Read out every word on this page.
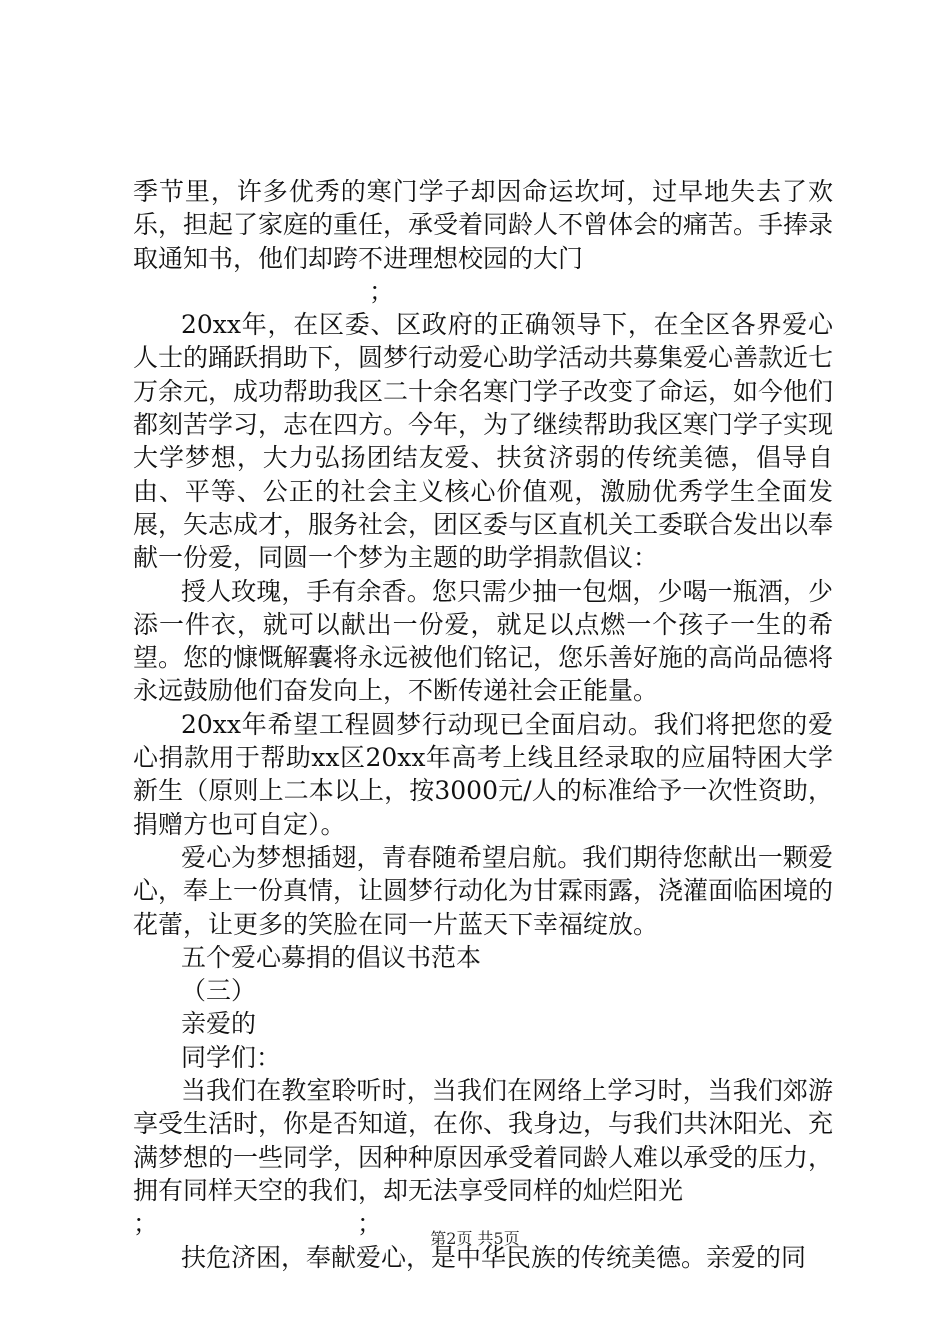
季节里，许多优秀的寒门学子却因命运坎坷，过早地失去了欢乐，担起了家庭的重任，承受着同龄人不曾体会的痛苦。手捧录取通知书，他们却跨不进理想校园的大门

；

20xx年，在区委、区政府的正确领导下，在全区各界爱心人士的踊跃捐助下，圆梦行动爱心助学活动共募集爱心善款近七万余元，成功帮助我区二十余名寒门学子改变了命运，如今他们都刻苦学习，志在四方。今年，为了继续帮助我区寒门学子实现大学梦想，大力弘扬团结友爱、扶贫济弱的传统美德，倡导自由、平等、公正的社会主义核心价值观，激励优秀学生全面发展，矢志成才，服务社会，团区委与区直机关工委联合发出以奉献一份爱，同圆一个梦为主题的助学捐款倡议：

授人玫瑰，手有余香。您只需少抽一包烟，少喝一瓶酒，少添一件衣，就可以献出一份爱，就足以点燃一个孩子一生的希望。您的慷慨解囊将永远被他们铭记，您乐善好施的高尚品德将永远鼓励他们奋发向上，不断传递社会正能量。

20xx年希望工程圆梦行动现已全面启动。我们将把您的爱心捐款用于帮助xx区20xx年高考上线且经录取的应届特困大学新生（原则上二本以上，按3000元/人的标准给予一次性资助，捐赠方也可自定）。

爱心为梦想插翅，青春随希望启航。我们期待您献出一颗爱心，奉上一份真情，让圆梦行动化为甘霖雨露，浇灌面临困境的花蕾，让更多的笑脸在同一片蓝天下幸福绽放。

五个爱心募捐的倡议书范本

（三）

亲爱的

同学们：

当我们在教室聆听时，当我们在网络上学习时，当我们郊游享受生活时，你是否知道，在你、我身边，与我们共沐阳光、充满梦想的一些同学，因种种原因承受着同龄人难以承受的压力，拥有同样天空的我们，却无法享受同样的灿烂阳光

；	；

扶危济困，奉献爱心，是中华民族的传统美德。亲爱的同

第2页 共5页
